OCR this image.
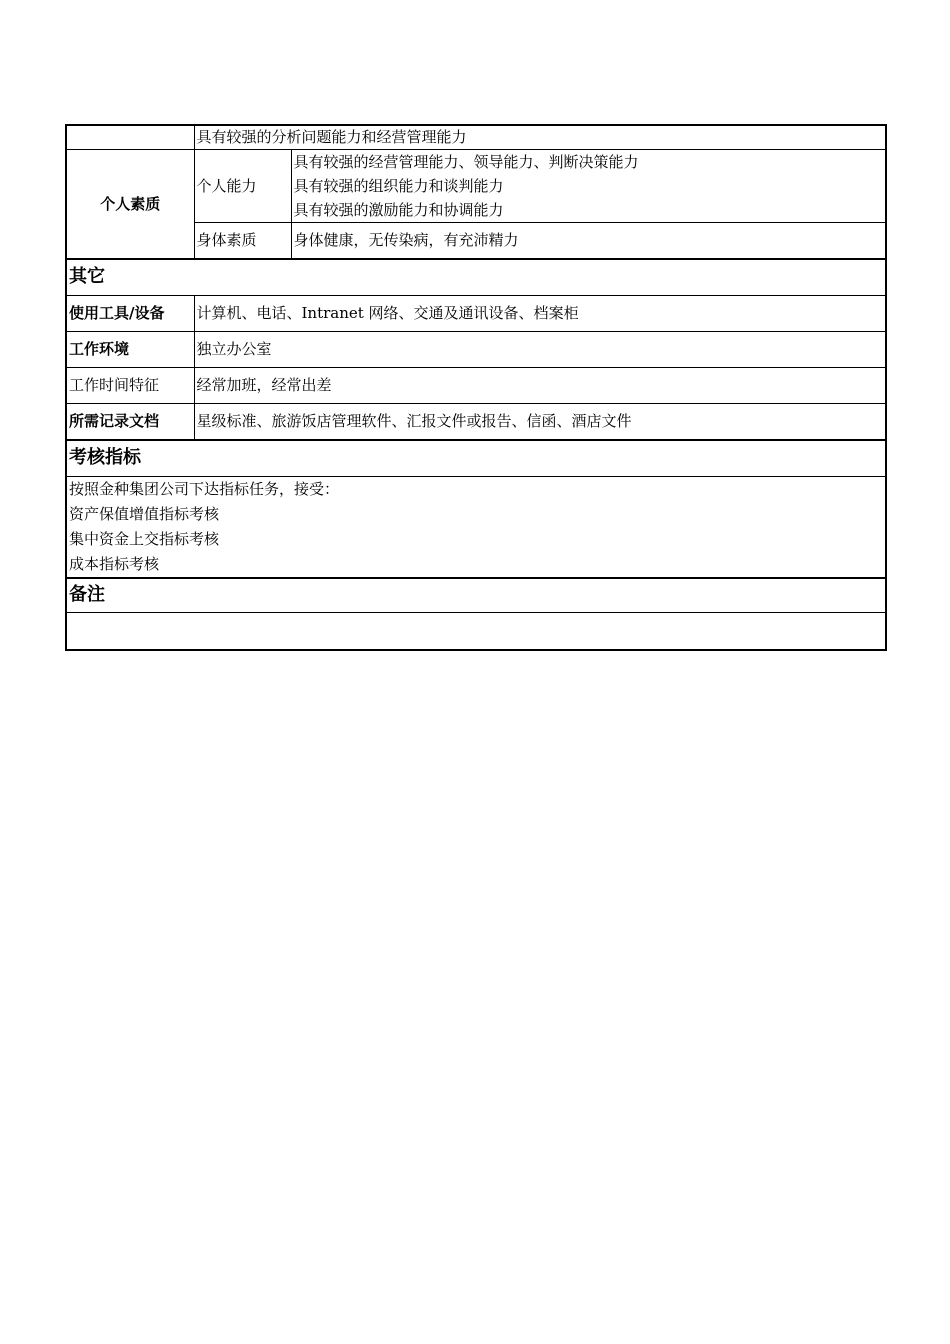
	具有较强的分析问题能力和经营管理能力	
个人素质	个人能力	具有较强的经营管理能力、领导能力、判断决策能力
具有较强的组织能力和谈判能力
具有较强的激励能力和协调能力

	身体素质	身体健康，无传染病，有充沛精力
其它		
使用工具/设备	计算机、电话、Intranet 网络、交通及通讯设备、档案柜	
工作环境	独立办公室	
工作时间特征	经常加班，经常出差	
所需记录文档	星级标准、旅游饭店管理软件、汇报文件或报告、信函、酒店文件	
考核指标		

按照金种集团公司下达指标任务，接受：
资产保值增值指标考核
集中资金上交指标考核
成本指标考核		

备注		
